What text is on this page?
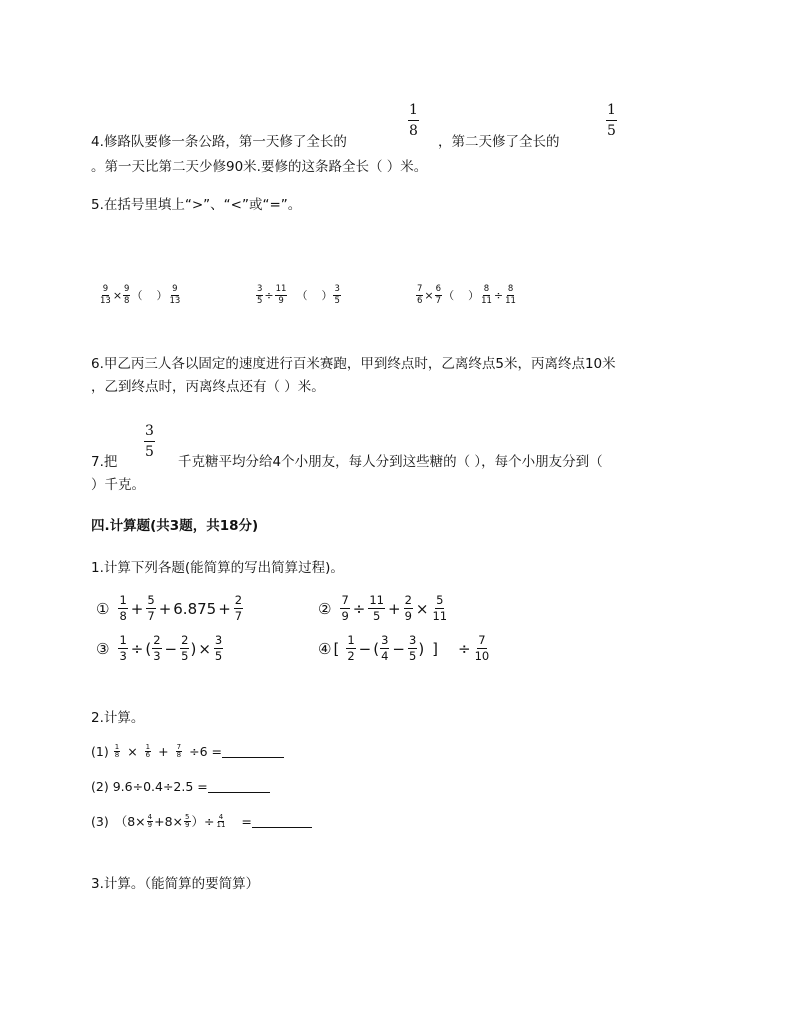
4.修路队要修一条公路，第一天修了全长的
$\frac{1}{8}$
，第二天修了全长的
$\frac{1}{5}$
。第一天比第二天少修90米.要修的这条路全长（ ）米。
5.在括号里填上“>”、“<”或“=”。
$\frac{9}{13} \times \frac{9}{8}$ （ ） $\frac{9}{13}$	$\frac{3}{5} \div \frac{11}{9}$ （ ） $\frac{3}{5}$	$\frac{7}{6} \times \frac{6}{7}$ （ ） $\frac{8}{11} \div \frac{8}{11}$
6.甲乙丙三人各以固定的速度进行百米赛跑，甲到终点时，乙离终点5米，丙离终点10米
，乙到终点时，丙离终点还有（ ）米。
$\frac{3}{5}$
7.把	千克糖平均分给4个小朋友，每人分到这些糖的（ ），每个小朋友分到（
）千克。
四.计算题(共3题，共18分)
1.计算下列各题(能简算的写出简算过程)。
① $\frac{1}{8} + \frac{5}{7} + 6.875 + \frac{2}{7}$	② $\frac{7}{9} \div \frac{11}{5} + \frac{2}{9} \times \frac{5}{11}$
③ $\frac{1}{3}$ ÷ ( $\frac{2}{3} - \frac{2}{5}$ ) × $\frac{3}{5}$	④ [ $\frac{1}{2}$ − ( $\frac{3}{4} - \frac{3}{5}$ ) ] ÷ $\frac{7}{10}$
2.计算。
$(1) \frac{1}{8} \times \frac{1}{6} + \frac{7}{8} \div 6$ =
(2) 9.6÷0.4÷2.5 =
(3) （$8\times \frac{4}{9} +8\times \frac{5}{9}$ ）÷ $\frac{4}{11}$ =
3.计算。（能简算的要简算）
